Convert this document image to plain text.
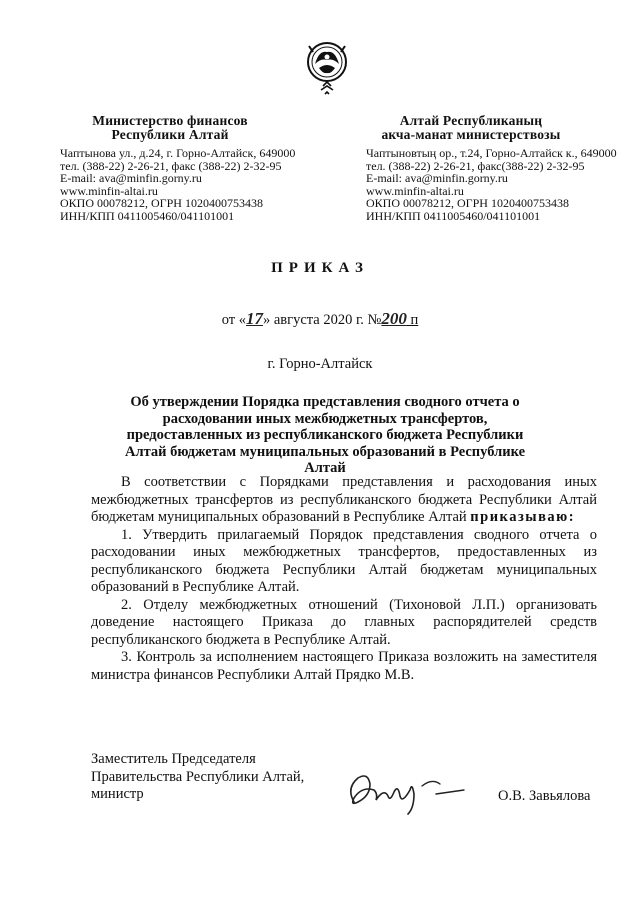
Министерство финансов
Республики Алтай
Чаптынова ул., д.24, г. Горно-Алтайск, 649000
тел. (388-22) 2-26-21, факс (388-22) 2-32-95
E-mail: ava@minfin.gorny.ru
www.minfin-altai.ru
ОКПО 00078212, ОГРН 1020400753438
ИНН/КПП 0411005460/041101001
Алтай Республиканың
акча-манат министерствозы
Чаптыновтың ор., т.24, Горно-Алтайск к., 649000
тел. (388-22) 2-26-21, факс(388-22) 2-32-95
E-mail: ava@minfin.gorny.ru
www.minfin-altai.ru
ОКПО 00078212, ОГРН 1020400753438
ИНН/КПП 0411005460/041101001
ПРИКАЗ
от «17» августа 2020 г. №200 п
г. Горно-Алтайск
Об утверждении Порядка представления сводного отчета о расходовании иных межбюджетных трансфертов, предоставленных из республиканского бюджета Республики Алтай бюджетам муниципальных образований в Республике Алтай

В соответствии с Порядками представления и расходования иных межбюджетных трансфертов из республиканского бюджета Республики Алтай бюджетам муниципальных образований в Республике Алтай приказываю:

1. Утвердить прилагаемый Порядок представления сводного отчета о расходовании иных межбюджетных трансфертов, предоставленных из республиканского бюджета Республики Алтай бюджетам муниципальных образований в Республике Алтай.

2. Отделу межбюджетных отношений (Тихоновой Л.П.) организовать доведение настоящего Приказа до главных распорядителей средств республиканского бюджета в Республике Алтай.

3. Контроль за исполнением настоящего Приказа возложить на заместителя министра финансов Республики Алтай Прядко М.В.

Заместитель Председателя
Правительства Республики Алтай,
министр	О.В. Завьялова
